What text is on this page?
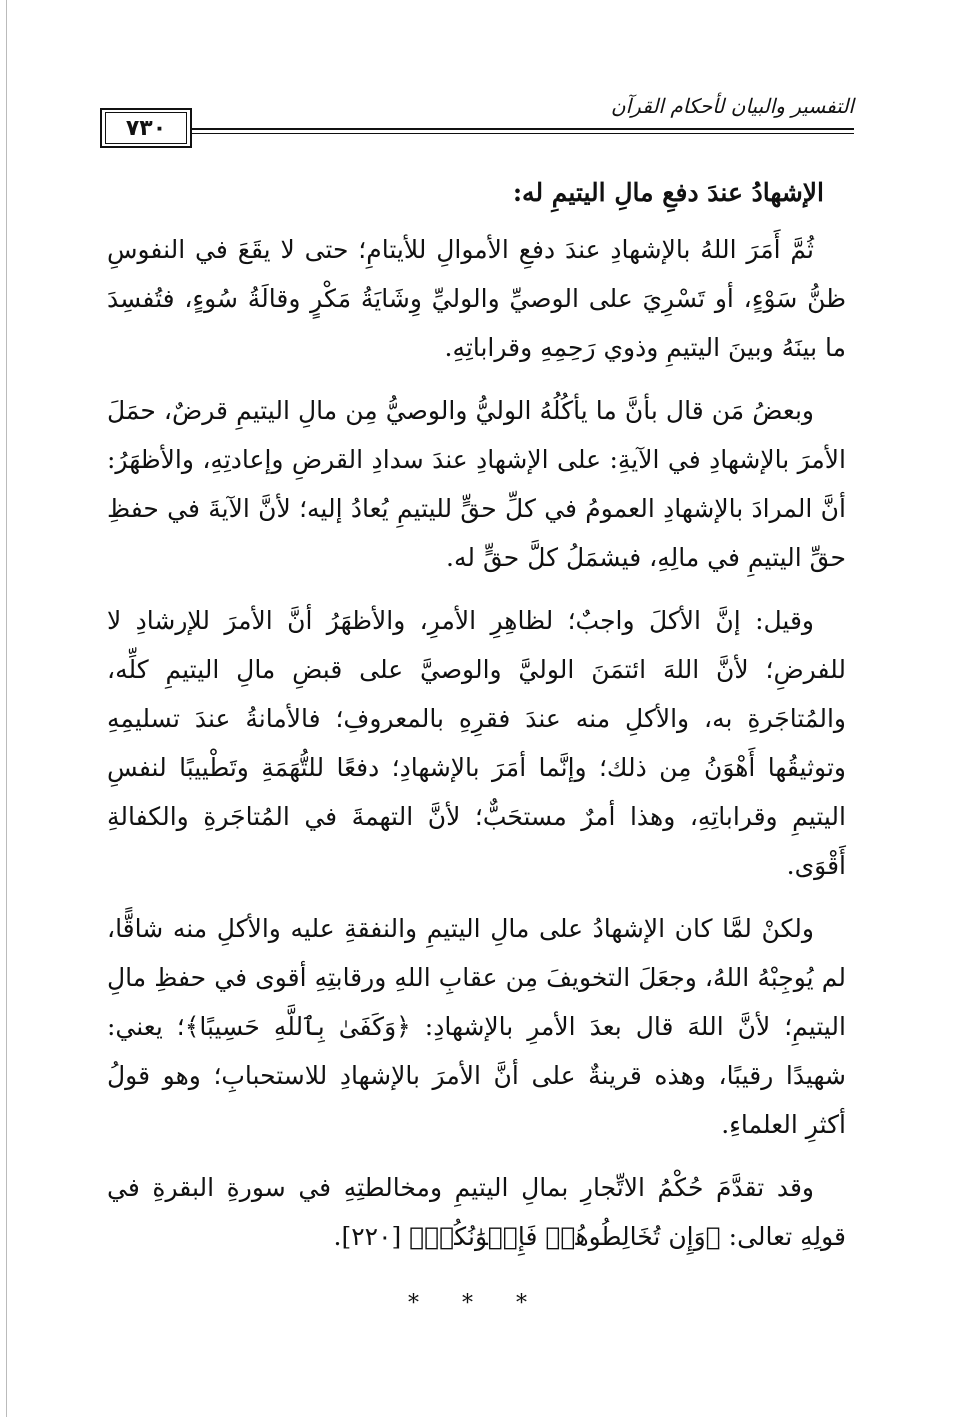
٧٣٠
التفسير والبيان لأحكام القرآن
الإشهادُ عندَ دفعِ مالِ اليتيمِ له:

ثُمَّ أَمَرَ اللهُ بالإشهادِ عندَ دفعِ الأموالِ للأيتامِ؛ حتى لا يقَعَ في النفوسِ ظنُّ سَوْءٍ، أو تَسْرِيَ على الوصيِّ والوليِّ وِشَايَةُ مَكْرٍ وقالَةُ سُوءٍ، فتُفسِدَ ما بينَهُ وبينَ اليتيمِ وذوي رَحِمِهِ وقراباتِهِ.

وبعضُ مَن قال بأنَّ ما يأكُلُهُ الوليُّ والوصيُّ مِن مالِ اليتيمِ قرضٌ، حمَلَ الأمرَ بالإشهادِ في الآيةِ: على الإشهادِ عندَ سدادِ القرضِ وإعادتِهِ، والأظهَرُ: أنَّ المرادَ بالإشهادِ العمومُ في كلِّ حقٍّ لليتيمِ يُعادُ إليه؛ لأنَّ الآيةَ في حفظِ حقِّ اليتيمِ في مالِهِ، فيشمَلُ كلَّ حقٍّ له.

وقيل: إنَّ الأكلَ واجبٌ؛ لظاهِرِ الأمرِ، والأظهَرُ أنَّ الأمرَ للإرشادِ لا للفرضِ؛ لأنَّ اللهَ ائتمَنَ الوليَّ والوصيَّ على قبضِ مالِ اليتيمِ كلِّه، والمُتاجَرةِ به، والأكلِ منه عندَ فقرِهِ بالمعروفِ؛ فالأمانةُ عندَ تسليمِهِ وتوثيقُها أَهْوَنُ مِن ذلك؛ وإنَّما أمَرَ بالإشهادِ؛ دفعًا للتُّهَمَةِ وتَطْييبًا لنفسِ اليتيمِ وقراباتِهِ، وهذا أمرٌ مستحَبٌّ؛ لأنَّ التهمةَ في المُتاجَرةِ والكفالةِ أَقْوَى.

ولكنْ لمَّا كان الإشهادُ على مالِ اليتيمِ والنفقةِ عليه والأكلِ منه شاقًّا، لم يُوجِبْهُ اللهُ، وجعَلَ التخويفَ مِن عقابِ اللهِ ورقابتِهِ أقوى في حفظِ مالِ اليتيمِ؛ لأنَّ اللهَ قال بعدَ الأمرِ بالإشهادِ: ﴿وَكَفَىٰ بِٱللَّهِ حَسِيبًا﴾؛ يعني: شهيدًا رقيبًا، وهذه قرينةٌ على أنَّ الأمرَ بالإشهادِ للاستحبابِ؛ وهو قولُ أكثرِ العلماءِ.

وقد تقدَّمَ حُكْمُ الاتِّجارِ بمالِ اليتيمِ ومخالطتِهِ في سورةِ البقرةِ في قولِهِ تعالى: ﴿وَإِن تُخَالِطُوهُمۡ فَإِخۡوَٰنُكُمۡ﴾ [٢٢٠].

* * *
